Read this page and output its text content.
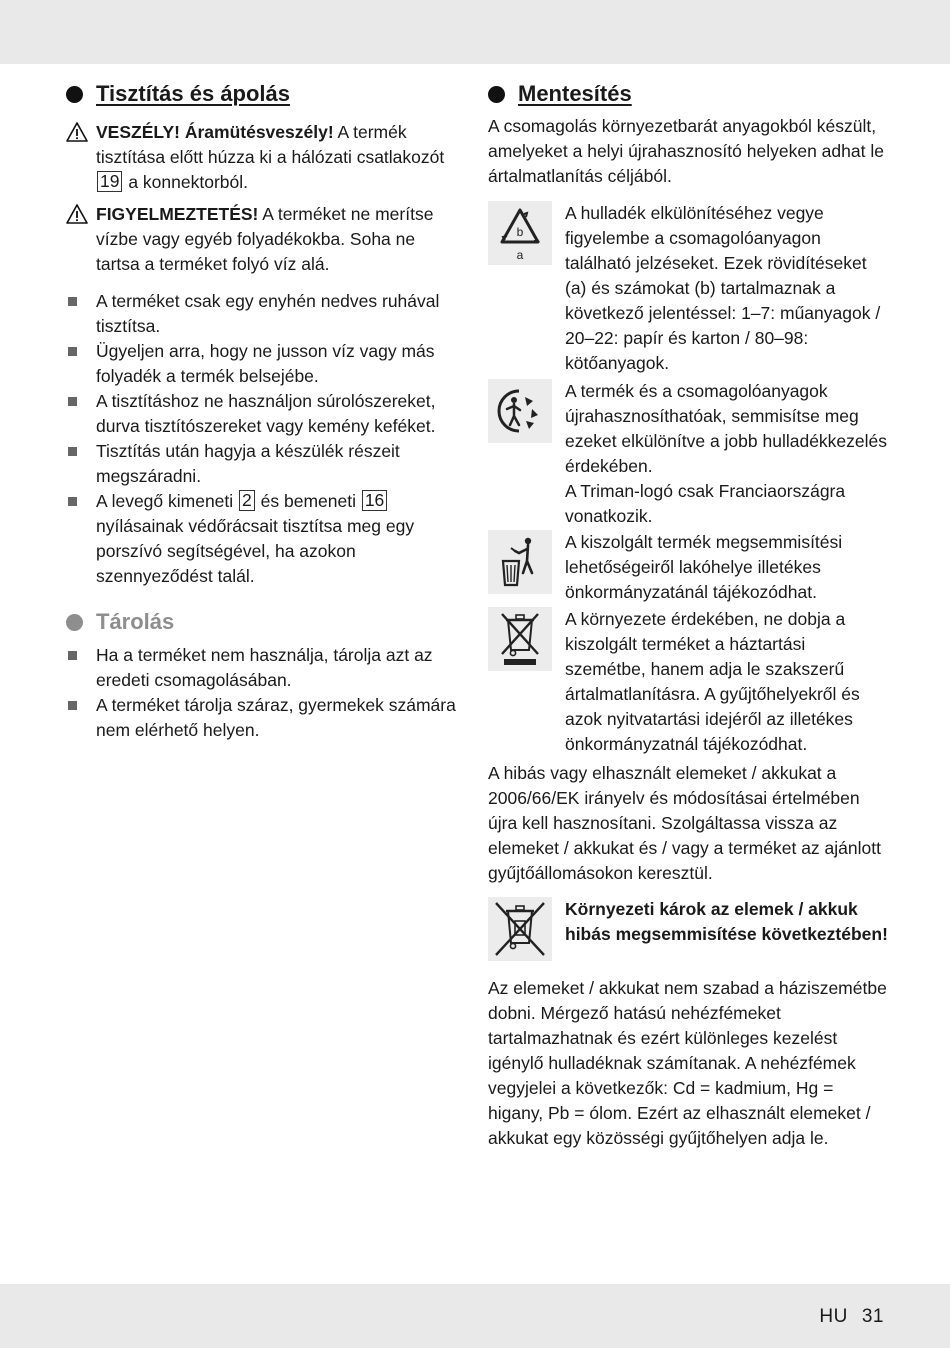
Tisztítás és ápolás
VESZÉLY! Áramütésveszély! A termék tisztítása előtt húzza ki a hálózati csatlakozót 19 a konnektorból.
FIGYELMEZTETÉS! A terméket ne merítse vízbe vagy egyéb folyadékokba. Soha ne tartsa a terméket folyó víz alá.
A terméket csak egy enyhén nedves ruhával tisztítsa.
Ügyeljen arra, hogy ne jusson víz vagy más folyadék a termék belsejébe.
A tisztításhoz ne használjon súrolószereket, durva tisztítószereket vagy kemény keféket.
Tisztítás után hagyja a készülék részeit megszáradni.
A levegő kimeneti 2 és bemeneti 16 nyílásainak védőrácsait tisztítsa meg egy porszívó segítségével, ha azokon szennyeződést talál.
Tárolás
Ha a terméket nem használja, tárolja azt az eredeti csomagolásában.
A terméket tárolja száraz, gyermekek számára nem elérhető helyen.
Mentesítés

A csomagolás környezetbarát anyagokból készült, amelyeket a helyi újrahasznosító helyeken adhat le ártalmatlanítás céljából.

b
a
A hulladék elkülönítéséhez vegye figyelembe a csomagolóanyagon található jelzéseket. Ezek rövidítéseket (a) és számokat (b) tartalmaznak a következő jelentéssel: 1–7: műanyagok / 20–22: papír és karton / 80–98: kötőanyagok.
A termék és a csomagolóanyagok újrahasznosíthatóak, semmisítse meg ezeket elkülönítve a jobb hulladékkezelés érdekében.
A Triman-logó csak Franciaországra vonatkozik.
A kiszolgált termék megsemmisítési lehetőségeiről lakóhelye illetékes önkormányzatánál tájékozódhat.
A környezete érdekében, ne dobja a kiszolgált terméket a háztartási szemétbe, hanem adja le szakszerű ártalmatlanításra. A gyűjtőhelyekről és azok nyitvatartási idejéről az illetékes önkormányzatnál tájékozódhat.

A hibás vagy elhasznált elemeket / akkukat a 2006/66/EK irányelv és módosításai értelmében újra kell hasznosítani. Szolgáltassa vissza az elemeket / akkukat és / vagy a terméket az ajánlott gyűjtőállomásokon keresztül.

Környezeti károk az elemek / akkuk hibás megsemmisítése következtében!

Az elemeket / akkukat nem szabad a háziszemétbe dobni. Mérgező hatású nehézfémeket tartalmazhatnak és ezért különleges kezelést igénylő hulladéknak számítanak. A nehézfémek vegyjelei a következők: Cd = kadmium, Hg = higany, Pb = ólom. Ezért az elhasznált elemeket / akkukat egy közösségi gyűjtőhelyen adja le.

HU 31
